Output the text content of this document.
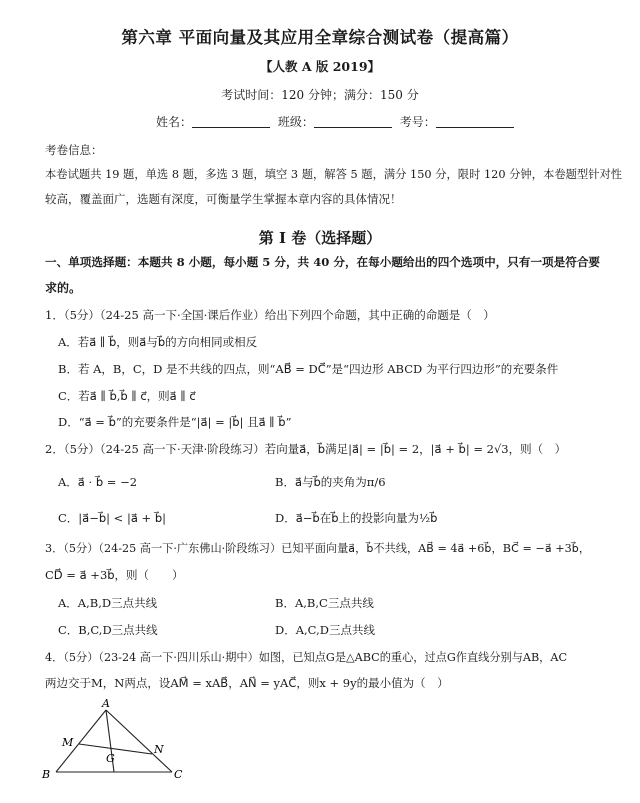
第六章 平面向量及其应用全章综合测试卷（提高篇）
【人教 A 版 2019】
考试时间：120 分钟；满分：150 分
姓名：	班级：	考号：
考卷信息：
本卷试题共 19 题，单选 8 题，多选 3 题，填空 3 题，解答 5 题，满分 150 分，限时 120 分钟，本卷题型针对性
较高，覆盖面广，选题有深度，可衡量学生掌握本章内容的具体情况！
第 I 卷（选择题）
一、单项选择题：本题共 8 小题，每小题 5 分，共 40 分，在每小题给出的四个选项中，只有一项是符合要
求的。
1．（5分）（24-25 高一下·全国·课后作业）给出下列四个命题，其中正确的命题是（　）
A．若a⃗ ∥ b⃗，则a⃗与b⃗的方向相同或相反
B．若 A，B，C，D 是不共线的四点，则“AB⃗ = DC⃗”是“四边形 ABCD 为平行四边形”的充要条件
C．若a⃗ ∥ b⃗,b⃗ ∥ c⃗，则a⃗ ∥ c⃗
D．“a⃗ = b⃗”的充要条件是“|a⃗| = |b⃗| 且a⃗ ∥ b⃗”
2．（5分）（24-25 高一下·天津·阶段练习）若向量a⃗，b⃗满足|a⃗| = |b⃗| = 2，|a⃗ + b⃗| = 2√3，则（　）
A．a⃗ · b⃗ = −2	B．a⃗与b⃗的夹角为π/6
C．|a⃗−b⃗| < |a⃗ + b⃗|	D．a⃗−b⃗在b⃗上的投影向量为½b⃗
3．（5分）（24-25 高一下·广东佛山·阶段练习）已知平面向量a⃗，b⃗不共线，AB⃗ = 4a⃗ +6b⃗，BC⃗ = −a⃗ +3b⃗，
CD⃗ = a⃗ +3b⃗，则（　　）
A．A,B,D三点共线	B．A,B,C三点共线
C．B,C,D三点共线	D．A,C,D三点共线
4．（5分）（23-24 高一下·四川乐山·期中）如图，已知点G是△ABC的重心，过点G作直线分别与AB，AC
两边交于M，N两点，设AM⃗ = xAB⃗，AN⃗ = yAC⃗，则x + 9y的最小值为（　）
A
B	C
M
N
G
